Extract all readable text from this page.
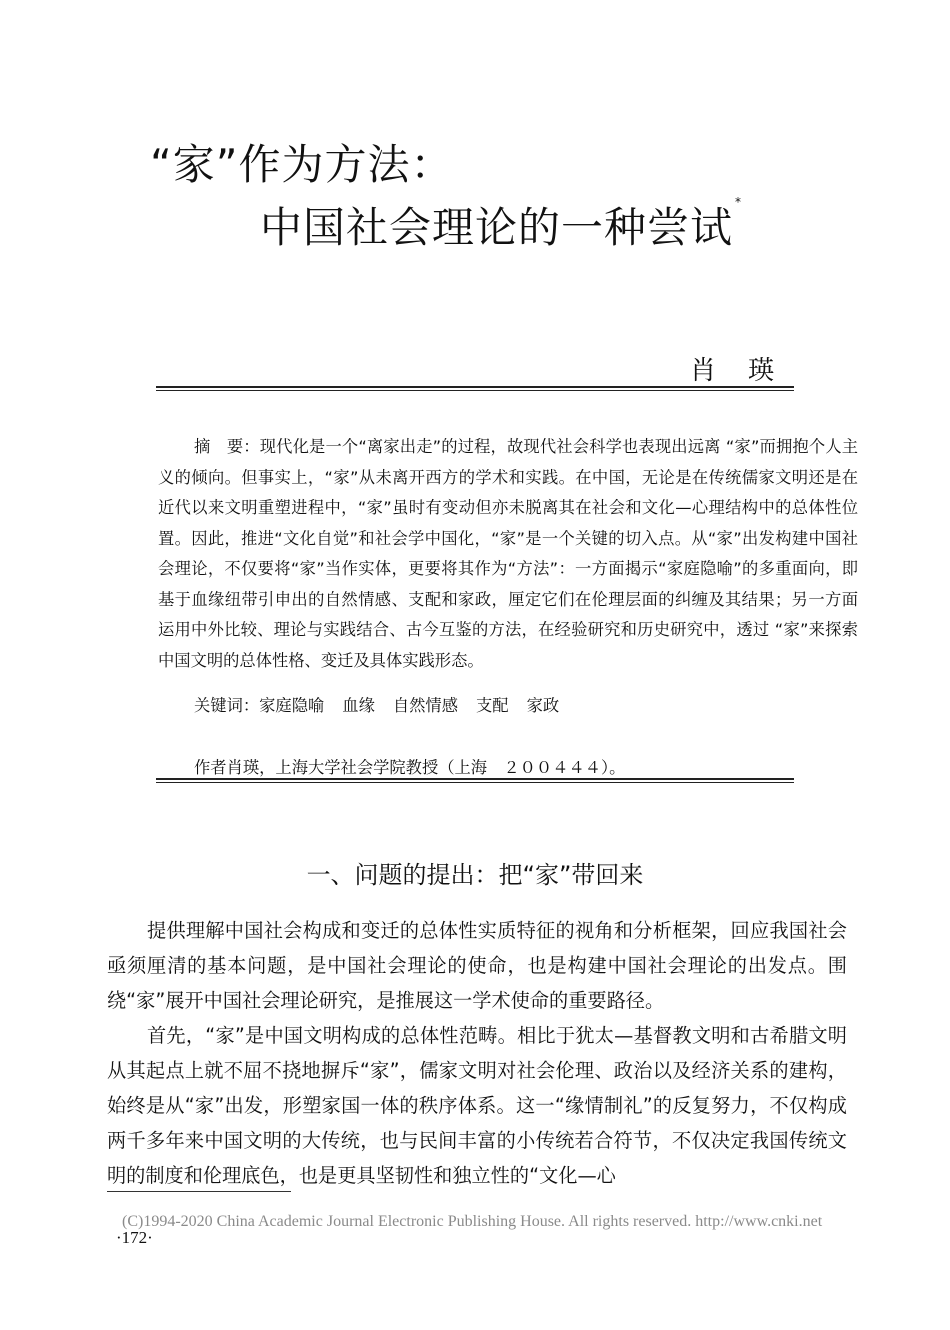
“家”作为方法：
中国社会理论的一种尝试*
肖瑛
摘　要：现代化是一个“离家出走”的过程，故现代社会科学也表现出远离 “家”而拥抱个人主义的倾向。但事实上，“家”从未离开西方的学术和实践。在中国，无论是在传统儒家文明还是在近代以来文明重塑进程中，“家”虽时有变动但亦未脱离其在社会和文化—心理结构中的总体性位置。因此，推进“文化自觉”和社会学中国化，“家”是一个关键的切入点。从“家”出发构建中国社会理论，不仅要将“家”当作实体，更要将其作为“方法”：一方面揭示“家庭隐喻”的多重面向，即基于血缘纽带引申出的自然情感、支配和家政，厘定它们在伦理层面的纠缠及其结果；另一方面运用中外比较、理论与实践结合、古今互鉴的方法，在经验研究和历史研究中，透过 “家”来探索中国文明的总体性格、变迁及具体实践形态。
关键词：家庭隐喻 血缘 自然情感 支配 家政
作者肖瑛，上海大学社会学院教授（上海　２００４４４）。
一、问题的提出：把“家”带回来

提供理解中国社会构成和变迁的总体性实质特征的视角和分析框架，回应我国社会亟须厘清的基本问题，是中国社会理论的使命，也是构建中国社会理论的出发点。围绕“家”展开中国社会理论研究，是推展这一学术使命的重要路径。

首先，“家”是中国文明构成的总体性范畴。相比于犹太—基督教文明和古希腊文明从其起点上就不屈不挠地摒斥“家”，儒家文明对社会伦理、政治以及经济关系的建构，始终是从“家”出发，形塑家国一体的秩序体系。这一“缘情制礼”的反复努力，不仅构成两千多年来中国文明的大传统，也与民间丰富的小传统若合符节，不仅决定我国传统文明的制度和伦理底色，也是更具坚韧性和独立性的“文化—心

(C)1994-2020 China Academic Journal Electronic Publishing House. All rights reserved. http://www.cnki.net
·172·
